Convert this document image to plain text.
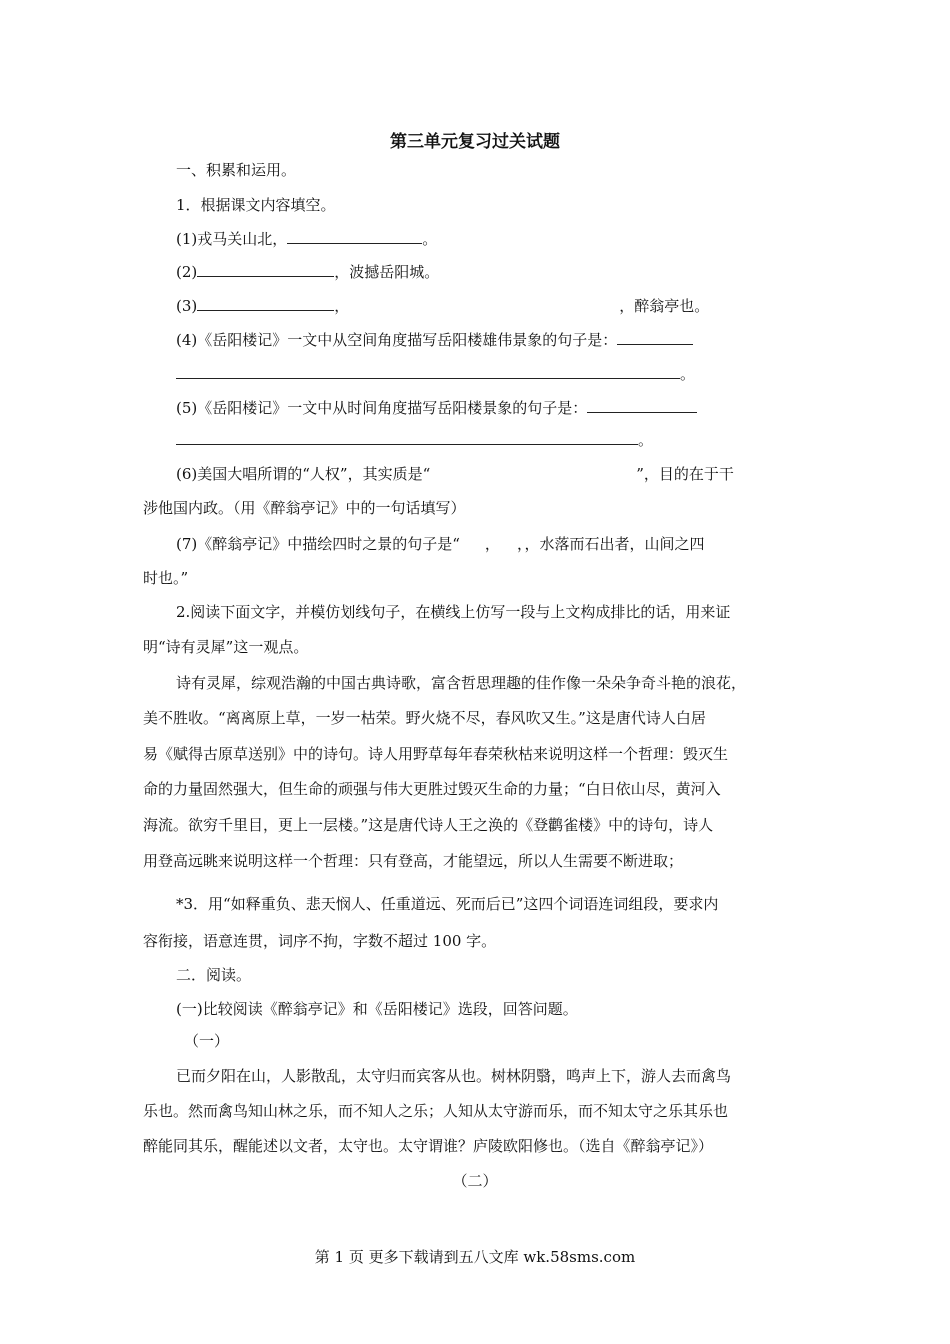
第三单元复习过关试题
一、积累和运用。
1．根据课文内容填空。
(1)戎马关山北，	。
(2)	，波撼岳阳城。
(3)	，	，醉翁亭也。
(4)《岳阳楼记》一文中从空间角度描写岳阳楼雄伟景象的句子是：
。
(5)《岳阳楼记》一文中从时间角度描写岳阳楼景象的句子是：
。
(6)美国大唱所谓的“人权”，其实质是“	”，目的在于干
涉他国内政。（用《醉翁亭记》中的一句话填写）
(7)《醉翁亭记》中描绘四时之景的句子是“ ， ，，水落而石出者，山间之四
时也。”
2.阅读下面文字，并模仿划线句子，在横线上仿写一段与上文构成排比的话，用来证
明“诗有灵犀”这一观点。
诗有灵犀，综观浩瀚的中国古典诗歌，富含哲思理趣的佳作像一朵朵争奇斗艳的浪花，
美不胜收。“离离原上草，一岁一枯荣。野火烧不尽，春风吹又生。”这是唐代诗人白居
易《赋得古原草送别》中的诗句。诗人用野草每年春荣秋枯来说明这样一个哲理：毁灭生
命的力量固然强大，但生命的顽强与伟大更胜过毁灭生命的力量；“白日依山尽，黄河入
海流。欲穷千里目，更上一层楼。”这是唐代诗人王之涣的《登鹳雀楼》中的诗句，诗人
用登高远眺来说明这样一个哲理：只有登高，才能望远，所以人生需要不断进取；
*3．用“如释重负、悲天悯人、任重道远、死而后已”这四个词语连词组段，要求内
容衔接，语意连贯，词序不拘，字数不超过 100 字。
二．阅读。
(一)比较阅读《醉翁亭记》和《岳阳楼记》选段，回答问题。
（一）
已而夕阳在山，人影散乱，太守归而宾客从也。树林阴翳，鸣声上下，游人去而禽鸟
乐也。然而禽鸟知山林之乐，而不知人之乐；人知从太守游而乐，而不知太守之乐其乐也
醉能同其乐，醒能述以文者，太守也。太守谓谁？庐陵欧阳修也。（选自《醉翁亭记》）
（二）
第 1 页 更多下载请到五八文库 wk.58sms.com
